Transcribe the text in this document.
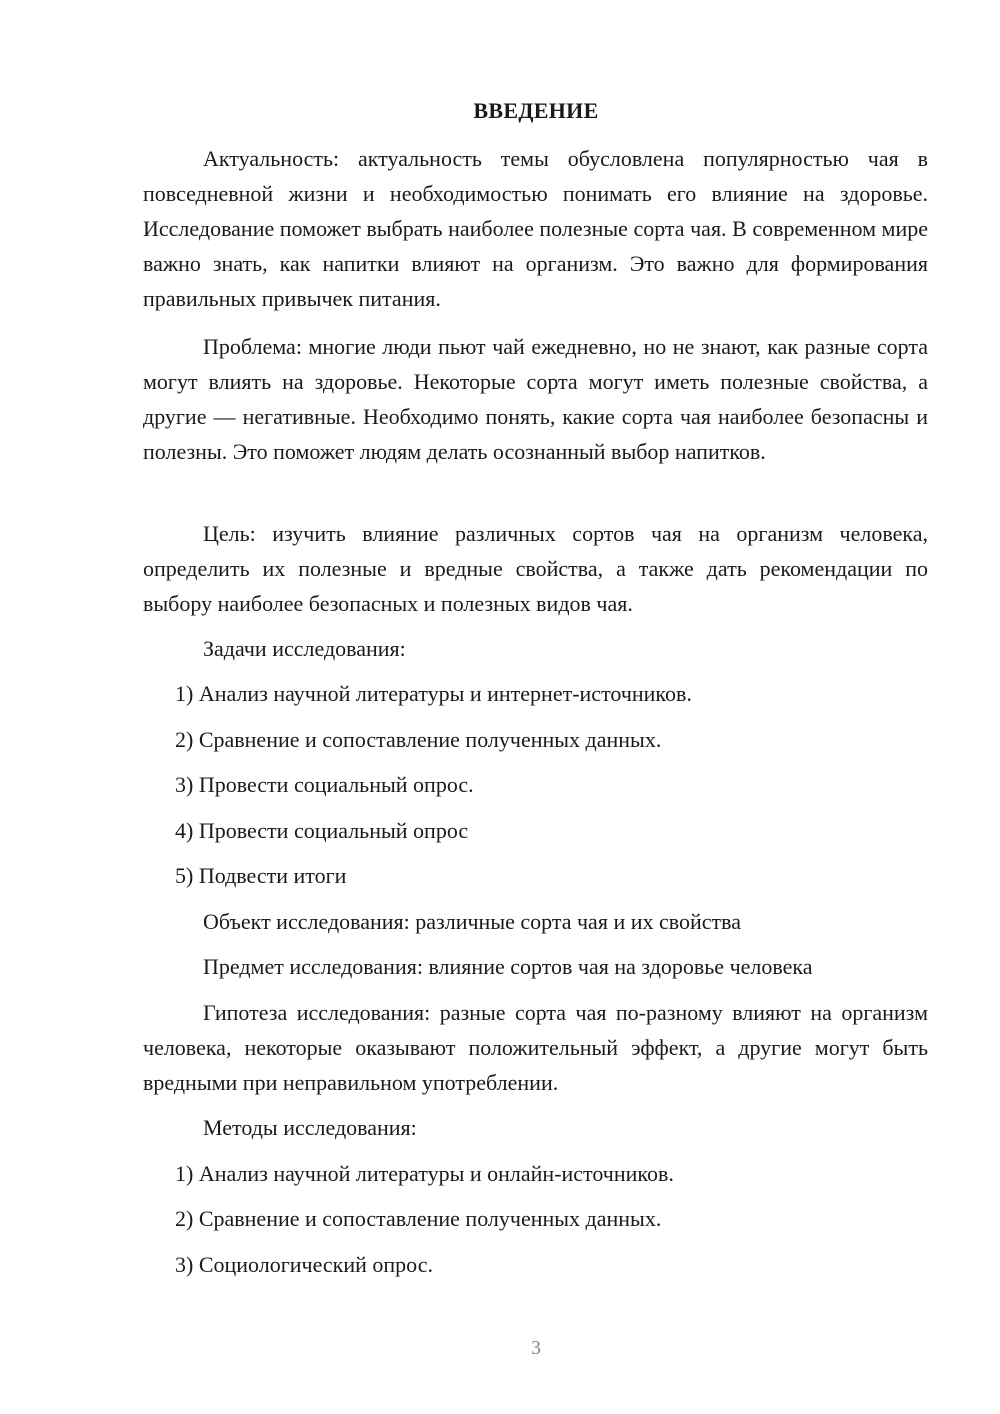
ВВЕДЕНИЕ

Актуальность: актуальность темы обусловлена популярностью чая в повседневной жизни и необходимостью понимать его влияние на здоровье. Исследование поможет выбрать наиболее полезные сорта чая. В современном мире важно знать, как напитки влияют на организм. Это важно для формирования правильных привычек питания.

Проблема: многие люди пьют чай ежедневно, но не знают, как разные сорта могут влиять на здоровье. Некоторые сорта могут иметь полезные свойства, а другие — негативные. Необходимо понять, какие сорта чая наиболее безопасны и полезны. Это поможет людям делать осознанный выбор напитков.

Цель: изучить влияние различных сортов чая на организм человека, определить их полезные и вредные свойства, а также дать рекомендации по выбору наиболее безопасных и полезных видов чая.

Задачи исследования:
1) Анализ научной литературы и интернет-источников.
2) Сравнение и сопоставление полученных данных.
3) Провести социальный опрос.
4) Провести социальный опрос
5) Подвести итоги
Объект исследования: различные сорта чая и их свойства
Предмет исследования: влияние сортов чая на здоровье человека

Гипотеза исследования: разные сорта чая по-разному влияют на организм человека, некоторые оказывают положительный эффект, а другие могут быть вредными при неправильном употреблении.

Методы исследования:
1) Анализ научной литературы и онлайн-источников.
2) Сравнение и сопоставление полученных данных.
3) Социологический опрос.
3
